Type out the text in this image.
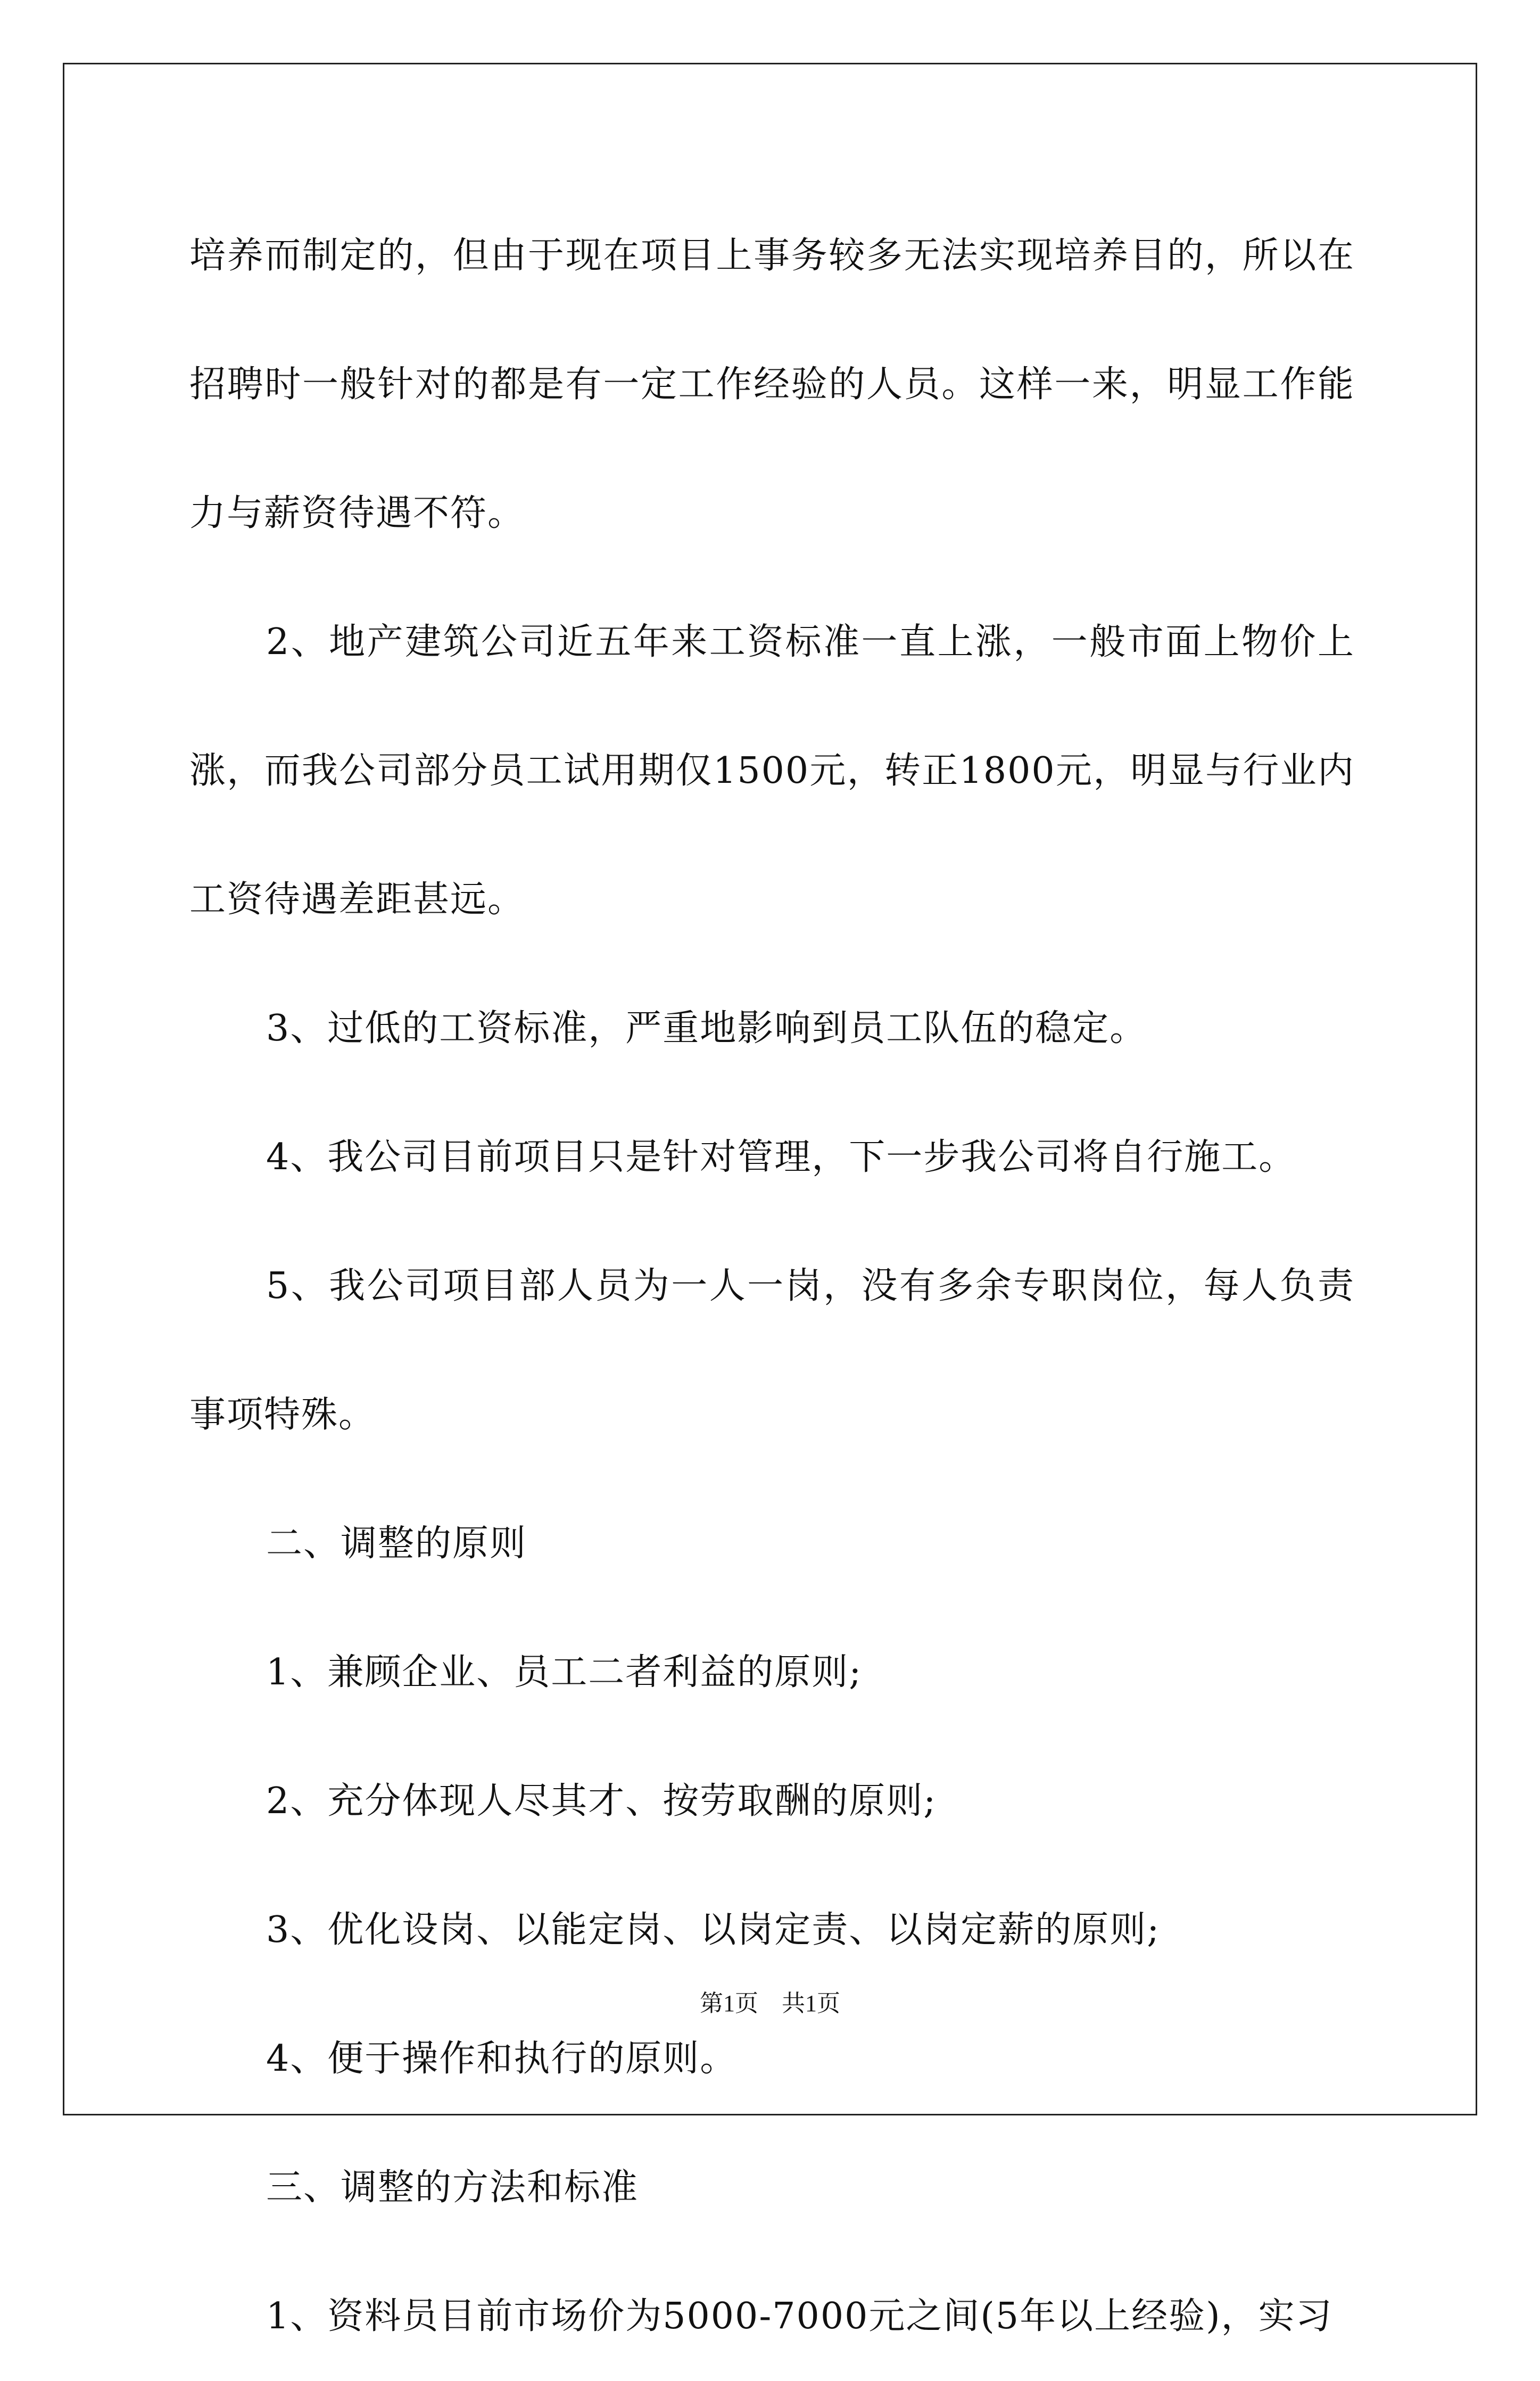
培养而制定的，但由于现在项目上事务较多无法实现培养目的，所以在招聘时一般针对的都是有一定工作经验的人员。这样一来，明显工作能力与薪资待遇不符。

2、地产建筑公司近五年来工资标准一直上涨，一般市面上物价上涨，而我公司部分员工试用期仅1500元，转正1800元，明显与行业内工资待遇差距甚远。

3、过低的工资标准，严重地影响到员工队伍的稳定。

4、我公司目前项目只是针对管理，下一步我公司将自行施工。

5、我公司项目部人员为一人一岗，没有多余专职岗位，每人负责事项特殊。

二、调整的原则

1、兼顾企业、员工二者利益的原则;

2、充分体现人尽其才、按劳取酬的原则;

3、优化设岗、以能定岗、以岗定责、以岗定薪的原则;

4、便于操作和执行的原则。

三、调整的方法和标准

1、资料员目前市场价为5000-7000元之间(5年以上经验)，实习

第1页　共1页
